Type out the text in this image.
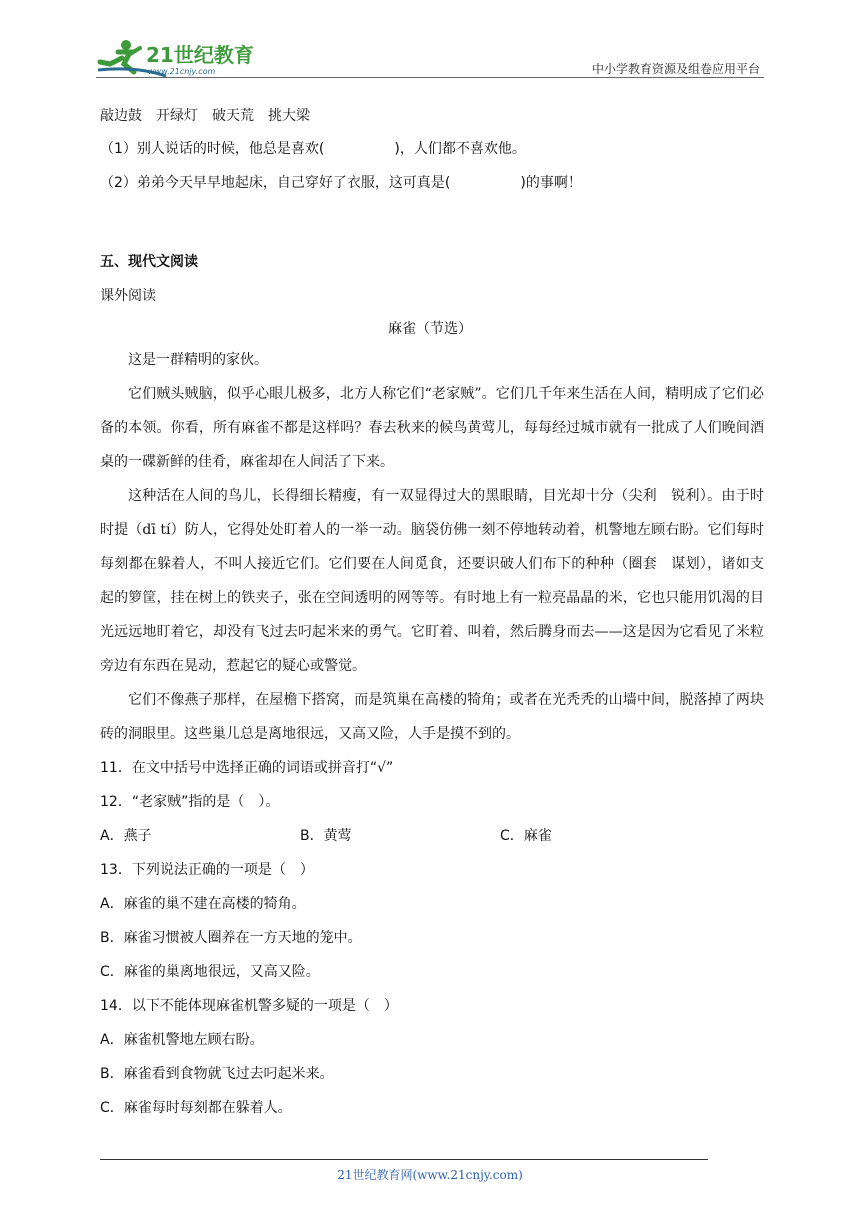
21世纪教育
www.21cnjy.com	中小学教育资源及组卷应用平台
敲边鼓　开绿灯　破天荒　挑大梁
（1）别人说话的时候，他总是喜欢(	)，人们都不喜欢他。
（2）弟弟今天早早地起床，自己穿好了衣服，这可真是(	)的事啊！
五、现代文阅读
课外阅读
麻雀（节选）

这是一群精明的家伙。

它们贼头贼脑，似乎心眼儿极多，北方人称它们“老家贼”。它们几千年来生活在人间，精明成了它们必备的本领。你看，所有麻雀不都是这样吗？春去秋来的候鸟黄莺儿，每每经过城市就有一批成了人们晚间酒桌的一碟新鲜的佳肴，麻雀却在人间活了下来。

这种活在人间的鸟儿，长得细长精瘦，有一双显得过大的黑眼睛，目光却十分（尖利　锐利）。由于时时提（dī tí）防人，它得处处盯着人的一举一动。脑袋仿佛一刻不停地转动着，机警地左顾右盼。它们每时每刻都在躲着人，不叫人接近它们。它们要在人间觅食，还要识破人们布下的种种（圈套　谋划），诸如支起的箩筐，挂在树上的铁夹子，张在空间透明的网等等。有时地上有一粒亮晶晶的米，它也只能用饥渴的目光远远地盯着它，却没有飞过去叼起米来的勇气。它盯着、叫着，然后腾身而去——这是因为它看见了米粒旁边有东西在晃动，惹起它的疑心或警觉。

它们不像燕子那样，在屋檐下搭窝，而是筑巢在高楼的犄角；或者在光秃秃的山墙中间，脱落掉了两块砖的洞眼里。这些巢儿总是离地很远，又高又险，人手是摸不到的。

11．在文中括号中选择正确的词语或拼音打“√”
12．“老家贼”指的是（　）。
A．燕子	B．黄莺	C．麻雀
13．下列说法正确的一项是（　）
A．麻雀的巢不建在高楼的犄角。
B．麻雀习惯被人圈养在一方天地的笼中。
C．麻雀的巢离地很远，又高又险。
14．以下不能体现麻雀机警多疑的一项是（　）
A．麻雀机警地左顾右盼。
B．麻雀看到食物就飞过去叼起米来。
C．麻雀每时每刻都在躲着人。
21世纪教育网(www.21cnjy.com)
